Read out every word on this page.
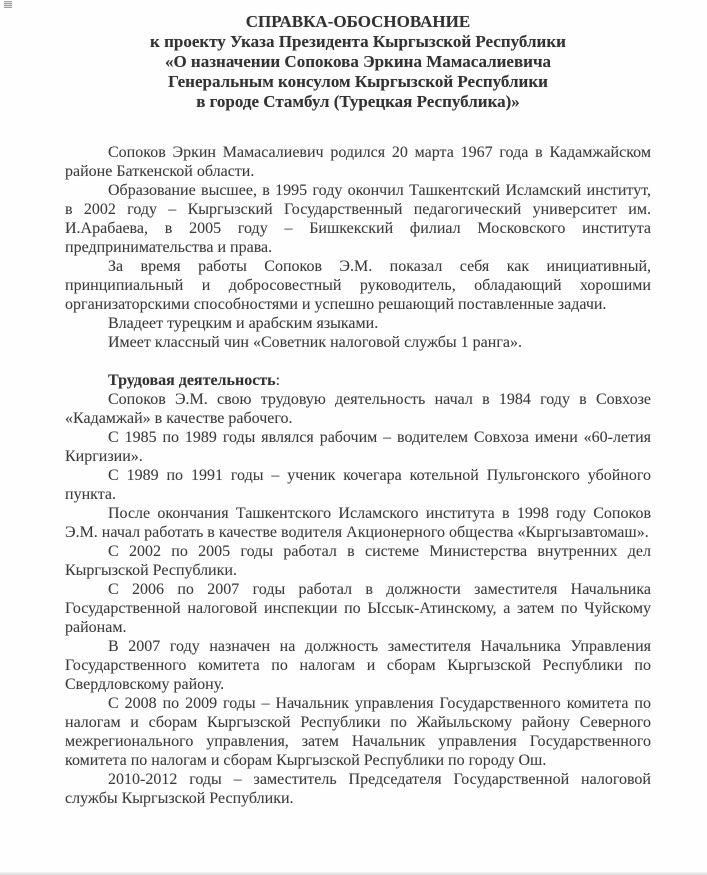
СПРАВКА-ОБОСНОВАНИЕ
к проекту Указа Президента Кыргызской Республики
«О назначении Сопокова Эркина Мамасалиевича
Генеральным консулом Кыргызской Республики
в городе Стамбул (Турецкая Республика)»

Сопоков Эркин Мамасалиевич родился 20 марта 1967 года в Кадамжайском районе Баткенской области.

Образование высшее, в 1995 году окончил Ташкентский Исламский институт, в 2002 году – Кыргызский Государственный педагогический университет им. И.Арабаева, в 2005 году – Бишкекский филиал Московского института предпринимательства и права.

За время работы Сопоков Э.М. показал себя как инициативный, принципиальный и добросовестный руководитель, обладающий хорошими организаторскими способностями и успешно решающий поставленные задачи.

Владеет турецким и арабским языками.

Имеет классный чин «Советник налоговой службы 1 ранга».

Трудовая деятельность:

Сопоков Э.М. свою трудовую деятельность начал в 1984 году в Совхозе «Кадамжай» в качестве рабочего.

С 1985 по 1989 годы являлся рабочим – водителем Совхоза имени «60-летия Киргизии».

С 1989 по 1991 годы – ученик кочегара котельной Пульгонского убойного пункта.

После окончания Ташкентского Исламского института в 1998 году Сопоков Э.М. начал работать в качестве водителя Акционерного общества «Кыргызавтомаш».

С 2002 по 2005 годы работал в системе Министерства внутренних дел Кыргызской Республики.

С 2006 по 2007 годы работал в должности заместителя Начальника Государственной налоговой инспекции по Ыссык-Атинскому, а затем по Чуйскому районам.

В 2007 году назначен на должность заместителя Начальника Управления Государственного комитета по налогам и сборам Кыргызской Республики по Свердловскому району.

С 2008 по 2009 годы – Начальник управления Государственного комитета по налогам и сборам Кыргызской Республики по Жайыльскому району Северного межрегионального управления, затем Начальник управления Государственного комитета по налогам и сборам Кыргызской Республики по городу Ош.

2010-2012 годы – заместитель Председателя Государственной налоговой службы Кыргызской Республики.
